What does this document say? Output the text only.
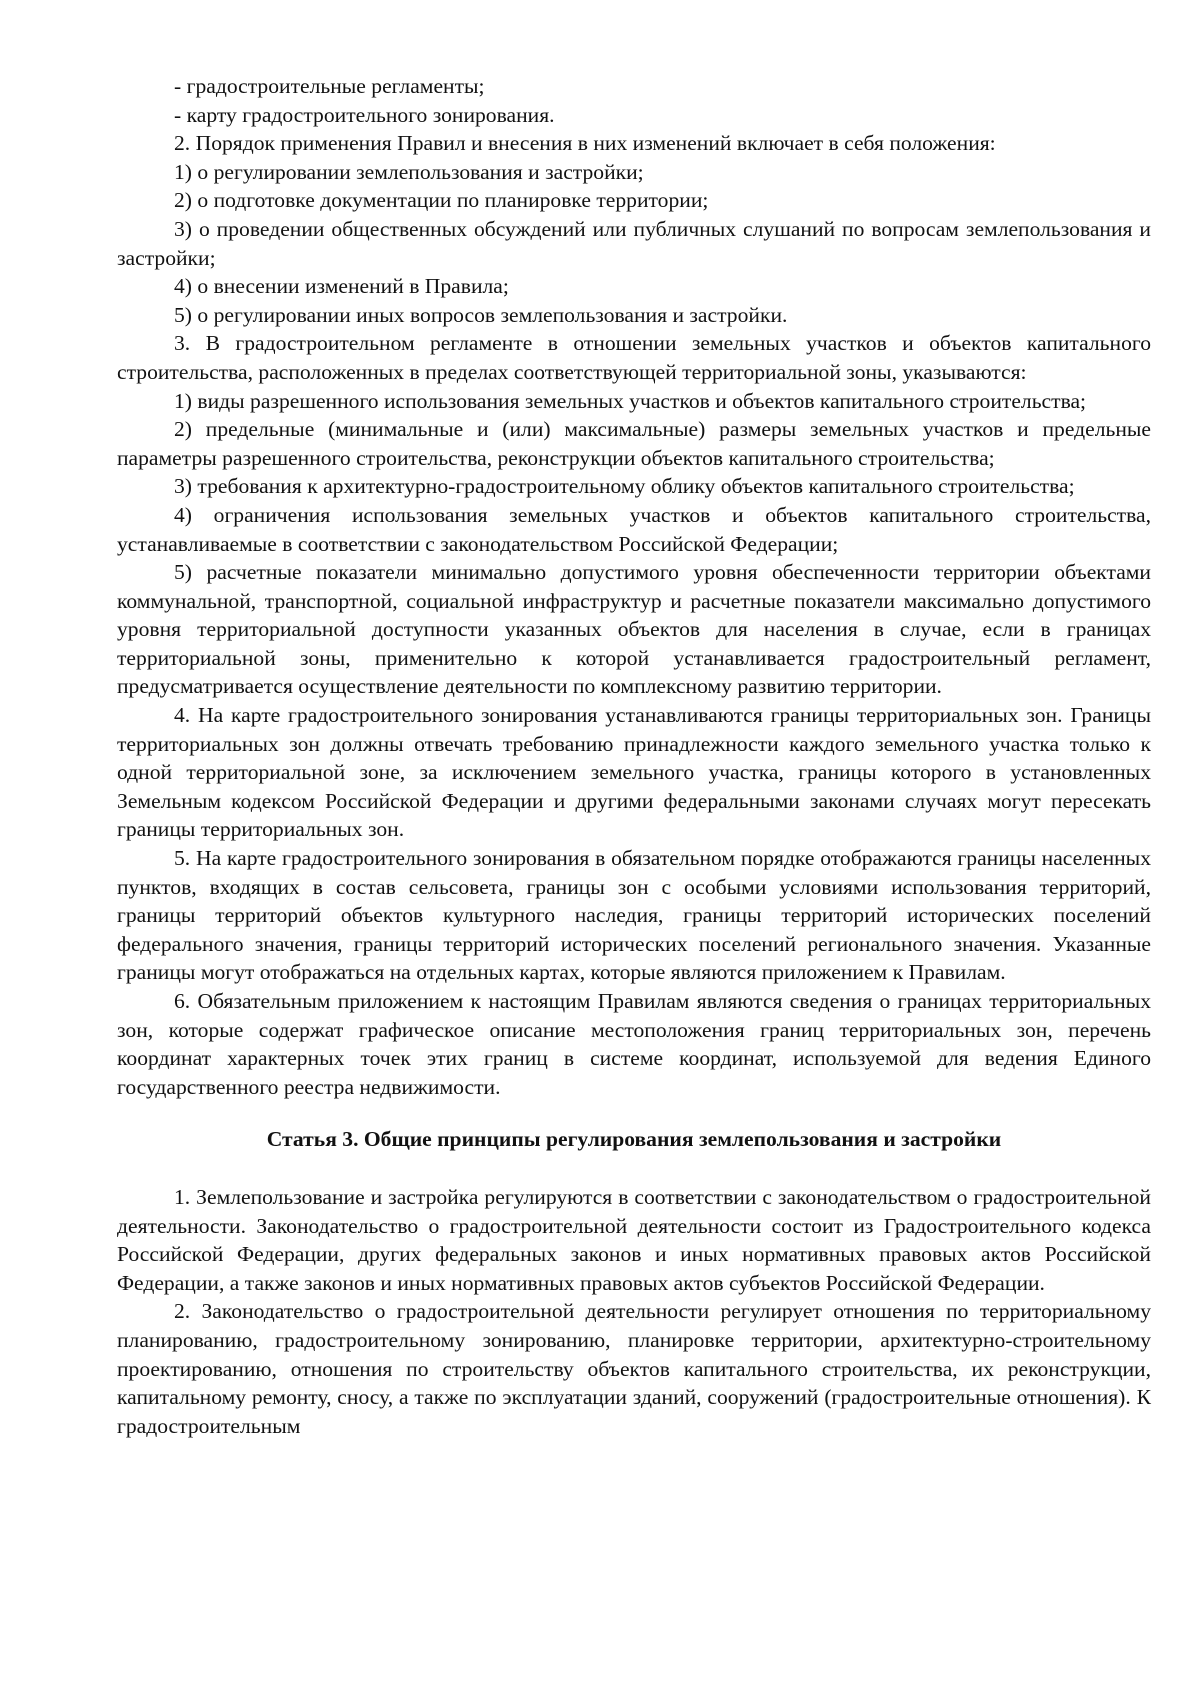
- градостроительные регламенты;

- карту градостроительного зонирования.

2. Порядок применения Правил и внесения в них изменений включает в себя положения:

1) о регулировании землепользования и застройки;

2) о подготовке документации по планировке территории;

3) о проведении общественных обсуждений или публичных слушаний по вопросам землепользования и застройки;

4) о внесении изменений в Правила;

5) о регулировании иных вопросов землепользования и застройки.

3. В градостроительном регламенте в отношении земельных участков и объектов капитального строительства, расположенных в пределах соответствующей территориальной зоны, указываются:

1) виды разрешенного использования земельных участков и объектов капитального строительства;

2) предельные (минимальные и (или) максимальные) размеры земельных участков и предельные параметры разрешенного строительства, реконструкции объектов капитального строительства;

3) требования к архитектурно-градостроительному облику объектов капитального строительства;

4) ограничения использования земельных участков и объектов капитального строительства, устанавливаемые в соответствии с законодательством Российской Федерации;

5) расчетные показатели минимально допустимого уровня обеспеченности территории объектами коммунальной, транспортной, социальной инфраструктур и расчетные показатели максимально допустимого уровня территориальной доступности указанных объектов для населения в случае, если в границах территориальной зоны, применительно к которой устанавливается градостроительный регламент, предусматривается осуществление деятельности по комплексному развитию территории.

4. На карте градостроительного зонирования устанавливаются границы территориальных зон. Границы территориальных зон должны отвечать требованию принадлежности каждого земельного участка только к одной территориальной зоне, за исключением земельного участка, границы которого в установленных Земельным кодексом Российской Федерации и другими федеральными законами случаях могут пересекать границы территориальных зон.

5. На карте градостроительного зонирования в обязательном порядке отображаются границы населенных пунктов, входящих в состав сельсовета, границы зон с особыми условиями использования территорий, границы территорий объектов культурного наследия, границы территорий исторических поселений федерального значения, границы территорий исторических поселений регионального значения. Указанные границы могут отображаться на отдельных картах, которые являются приложением к Правилам.

6. Обязательным приложением к настоящим Правилам являются сведения о границах территориальных зон, которые содержат графическое описание местоположения границ территориальных зон, перечень координат характерных точек этих границ в системе координат, используемой для ведения Единого государственного реестра недвижимости.

Статья 3. Общие принципы регулирования землепользования и застройки

1. Землепользование и застройка регулируются в соответствии с законодательством о градостроительной деятельности. Законодательство о градостроительной деятельности состоит из Градостроительного кодекса Российской Федерации, других федеральных законов и иных нормативных правовых актов Российской Федерации, а также законов и иных нормативных правовых актов субъектов Российской Федерации.

2. Законодательство о градостроительной деятельности регулирует отношения по территориальному планированию, градостроительному зонированию, планировке территории, архитектурно-строительному проектированию, отношения по строительству объектов капитального строительства, их реконструкции, капитальному ремонту, сносу, а также по эксплуатации зданий, сооружений (градостроительные отношения). К градостроительным
